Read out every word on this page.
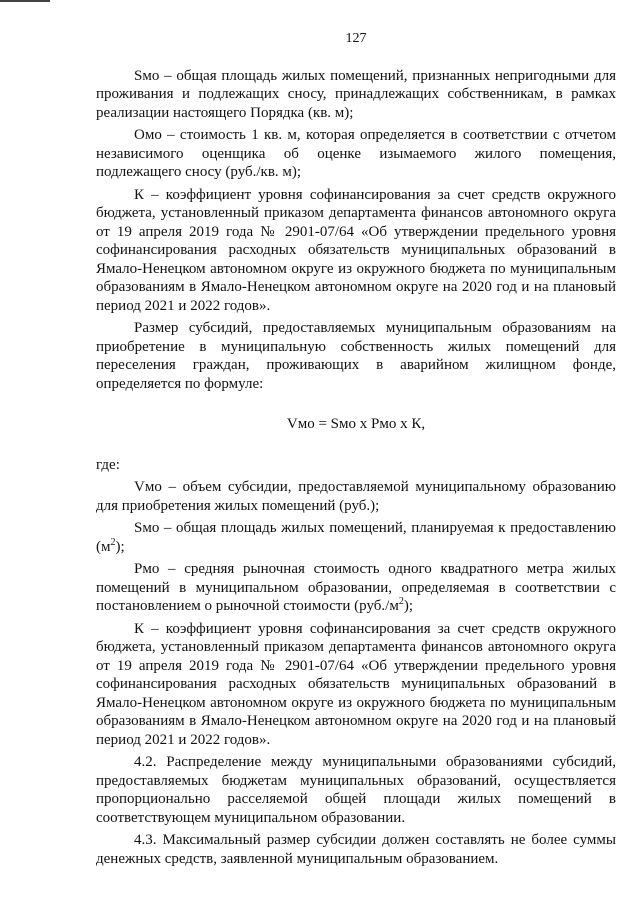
127

Sмо – общая площадь жилых помещений, признанных непригодными для проживания и подлежащих сносу, принадлежащих собственникам, в рамках реализации настоящего Порядка (кв. м);

Омо – стоимость 1 кв. м, которая определяется в соответствии с отчетом независимого оценщика об оценке изымаемого жилого помещения, подлежащего сносу (руб./кв. м);

К – коэффициент уровня софинансирования за счет средств окружного бюджета, установленный приказом департамента финансов автономного округа от 19 апреля 2019 года № 2901-07/64 «Об утверждении предельного уровня софинансирования расходных обязательств муниципальных образований в Ямало-Ненецком автономном округе из окружного бюджета по муниципальным образованиям в Ямало-Ненецком автономном округе на 2020 год и на плановый период 2021 и 2022 годов».

Размер субсидий, предоставляемых муниципальным образованиям на приобретение в муниципальную собственность жилых помещений для переселения граждан, проживающих в аварийном жилищном фонде, определяется по формуле:

Vмо = Sмо х Рмо х К,

где:

Vмо – объем субсидии, предоставляемой муниципальному образованию для приобретения жилых помещений (руб.);

Sмо – общая площадь жилых помещений, планируемая к предоставлению $(м^2)$;

Рмо – средняя рыночная стоимость одного квадратного метра жилых помещений в муниципальном образовании, определяемая в соответствии с постановлением о рыночной стоимости $(руб./м^2)$;

К – коэффициент уровня софинансирования за счет средств окружного бюджета, установленный приказом департамента финансов автономного округа от 19 апреля 2019 года № 2901-07/64 «Об утверждении предельного уровня софинансирования расходных обязательств муниципальных образований в Ямало-Ненецком автономном округе из окружного бюджета по муниципальным образованиям в Ямало-Ненецком автономном округе на 2020 год и на плановый период 2021 и 2022 годов».

4.2. Распределение между муниципальными образованиями субсидий, предоставляемых бюджетам муниципальных образований, осуществляется пропорционально расселяемой общей площади жилых помещений в соответствующем муниципальном образовании.

4.3. Максимальный размер субсидии должен составлять не более суммы денежных средств, заявленной муниципальным образованием.
